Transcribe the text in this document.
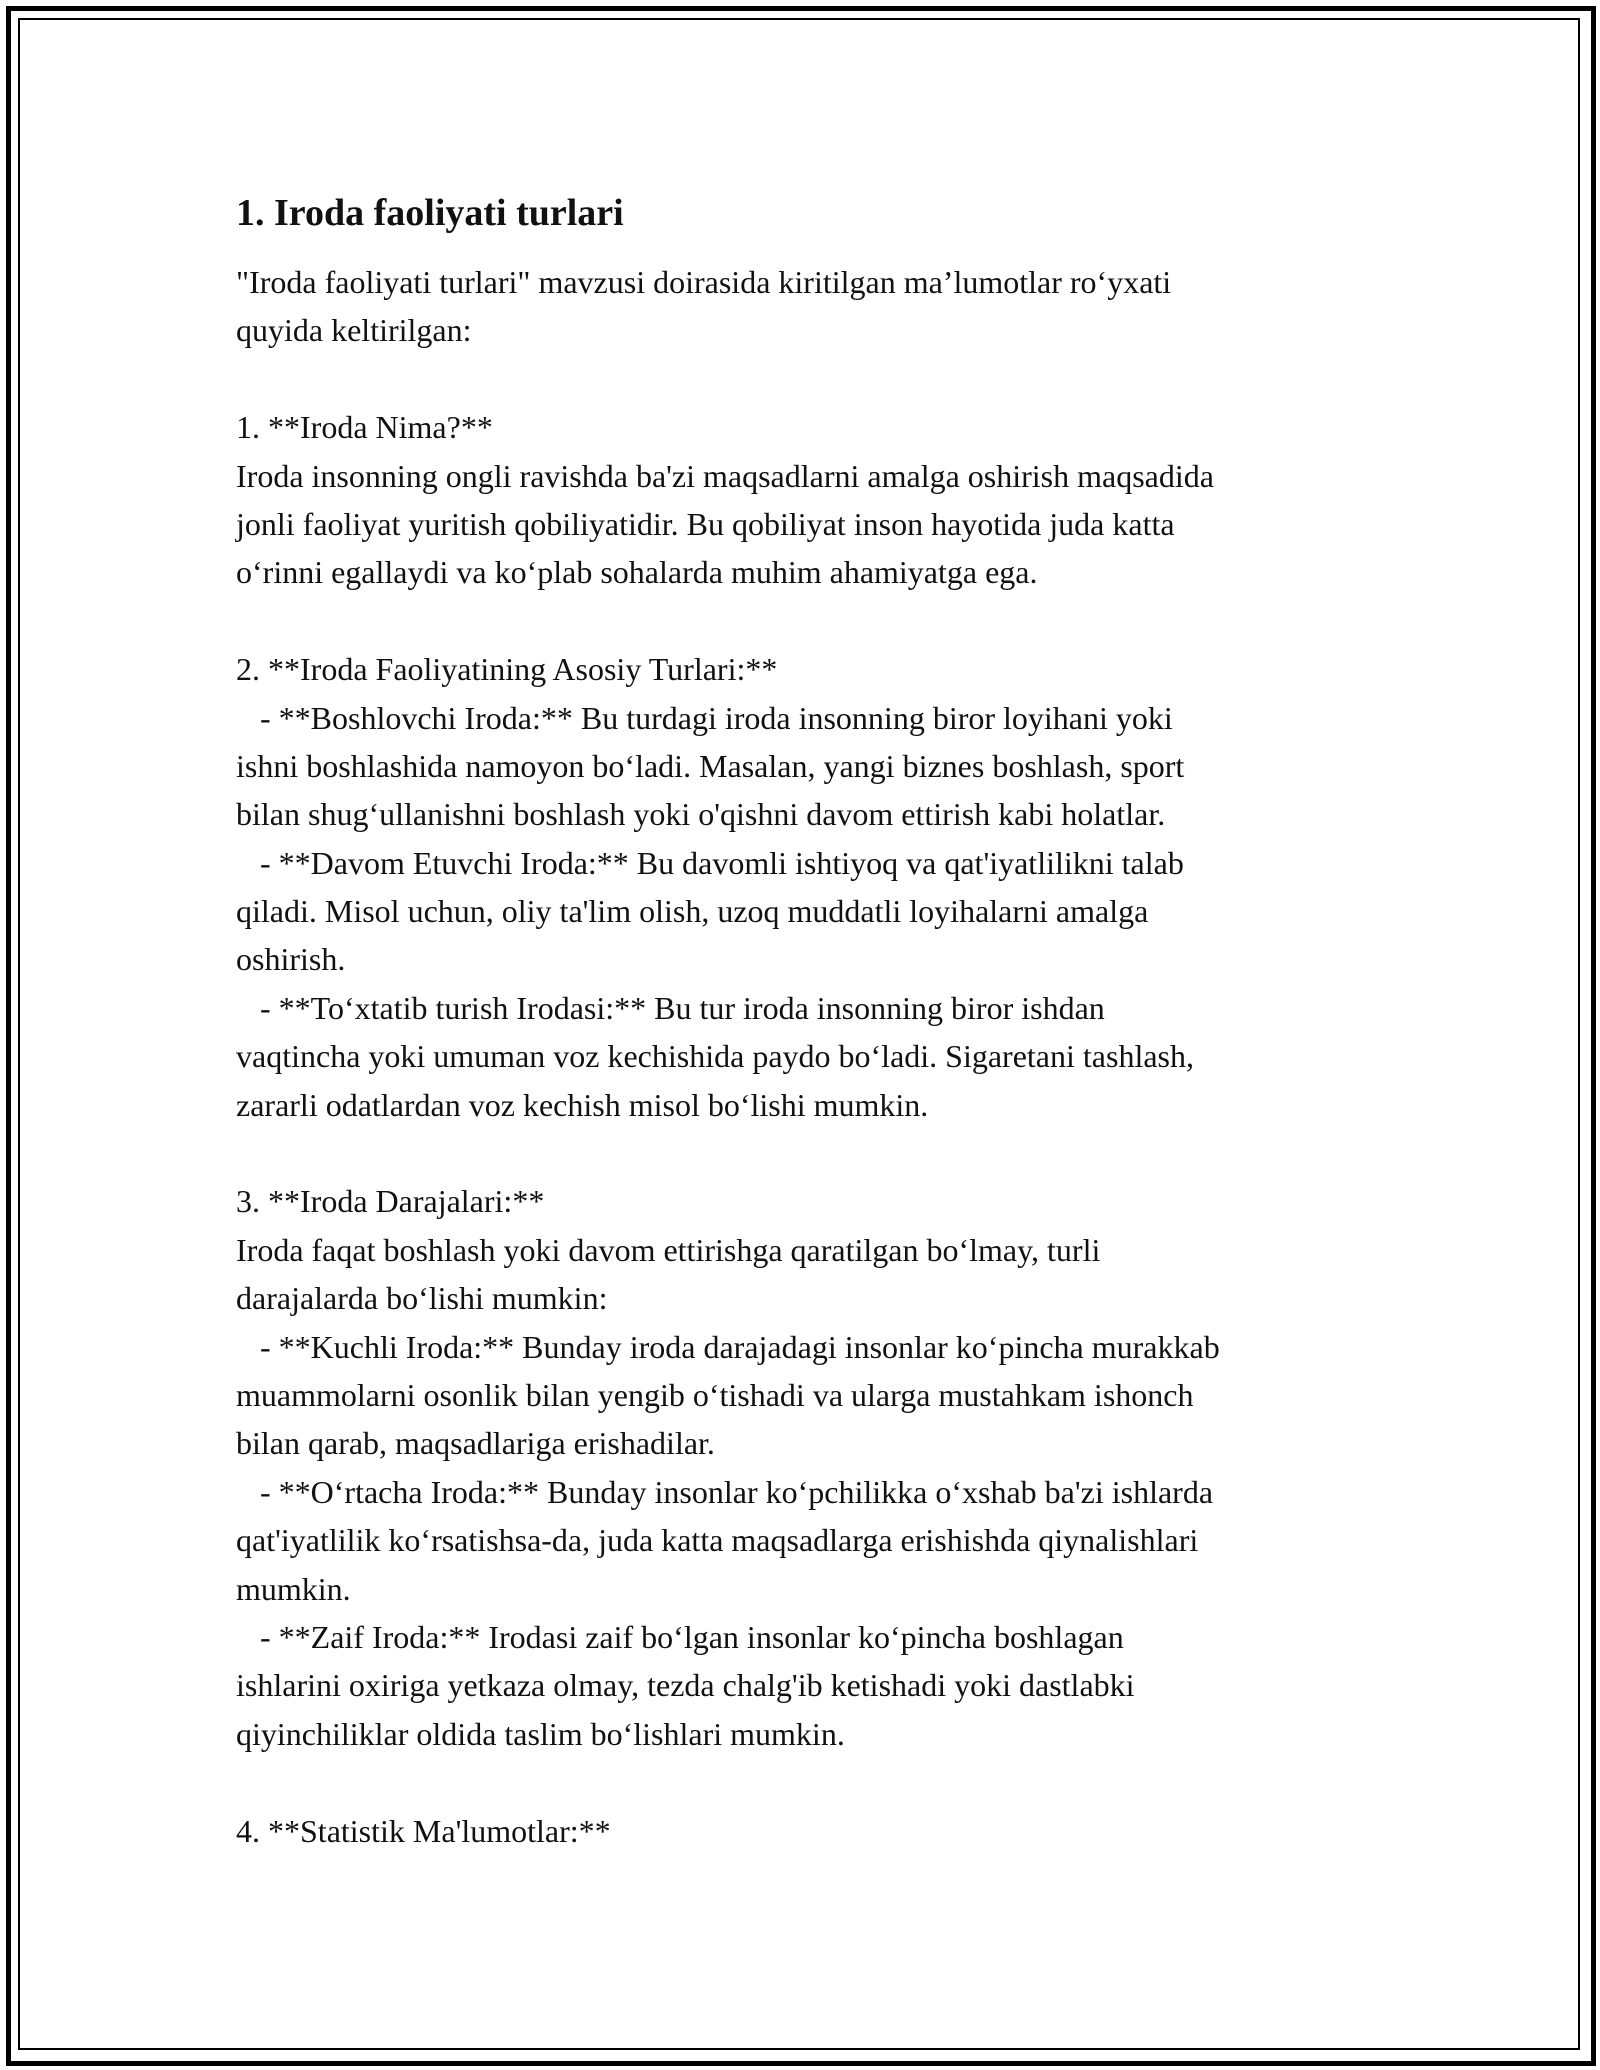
1. Iroda faoliyati turlari
"Iroda faoliyati turlari" mavzusi doirasida kiritilgan ma’lumotlar ro‘yxati
quyida keltirilgan:
1. **Iroda Nima?**
Iroda insonning ongli ravishda ba'zi maqsadlarni amalga oshirish maqsadida
jonli faoliyat yuritish qobiliyatidir. Bu qobiliyat inson hayotida juda katta
o‘rinni egallaydi va ko‘plab sohalarda muhim ahamiyatga ega.
2. **Iroda Faoliyatining Asosiy Turlari:**
- **Boshlovchi Iroda:** Bu turdagi iroda insonning biror loyihani yoki
ishni boshlashida namoyon bo‘ladi. Masalan, yangi biznes boshlash, sport
bilan shug‘ullanishni boshlash yoki o'qishni davom ettirish kabi holatlar.
- **Davom Etuvchi Iroda:** Bu davomli ishtiyoq va qat'iyatlilikni talab
qiladi. Misol uchun, oliy ta'lim olish, uzoq muddatli loyihalarni amalga
oshirish.
- **To‘xtatib turish Irodasi:** Bu tur iroda insonning biror ishdan
vaqtincha yoki umuman voz kechishida paydo bo‘ladi. Sigaretani tashlash,
zararli odatlardan voz kechish misol bo‘lishi mumkin.
3. **Iroda Darajalari:**
Iroda faqat boshlash yoki davom ettirishga qaratilgan bo‘lmay, turli
darajalarda bo‘lishi mumkin:
- **Kuchli Iroda:** Bunday iroda darajadagi insonlar ko‘pincha murakkab
muammolarni osonlik bilan yengib o‘tishadi va ularga mustahkam ishonch
bilan qarab, maqsadlariga erishadilar.
- **O‘rtacha Iroda:** Bunday insonlar ko‘pchilikka o‘xshab ba'zi ishlarda
qat'iyatlilik ko‘rsatishsa-da, juda katta maqsadlarga erishishda qiynalishlari
mumkin.
- **Zaif Iroda:** Irodasi zaif bo‘lgan insonlar ko‘pincha boshlagan
ishlarini oxiriga yetkaza olmay, tezda chalg'ib ketishadi yoki dastlabki
qiyinchiliklar oldida taslim bo‘lishlari mumkin.
4. **Statistik Ma'lumotlar:**
